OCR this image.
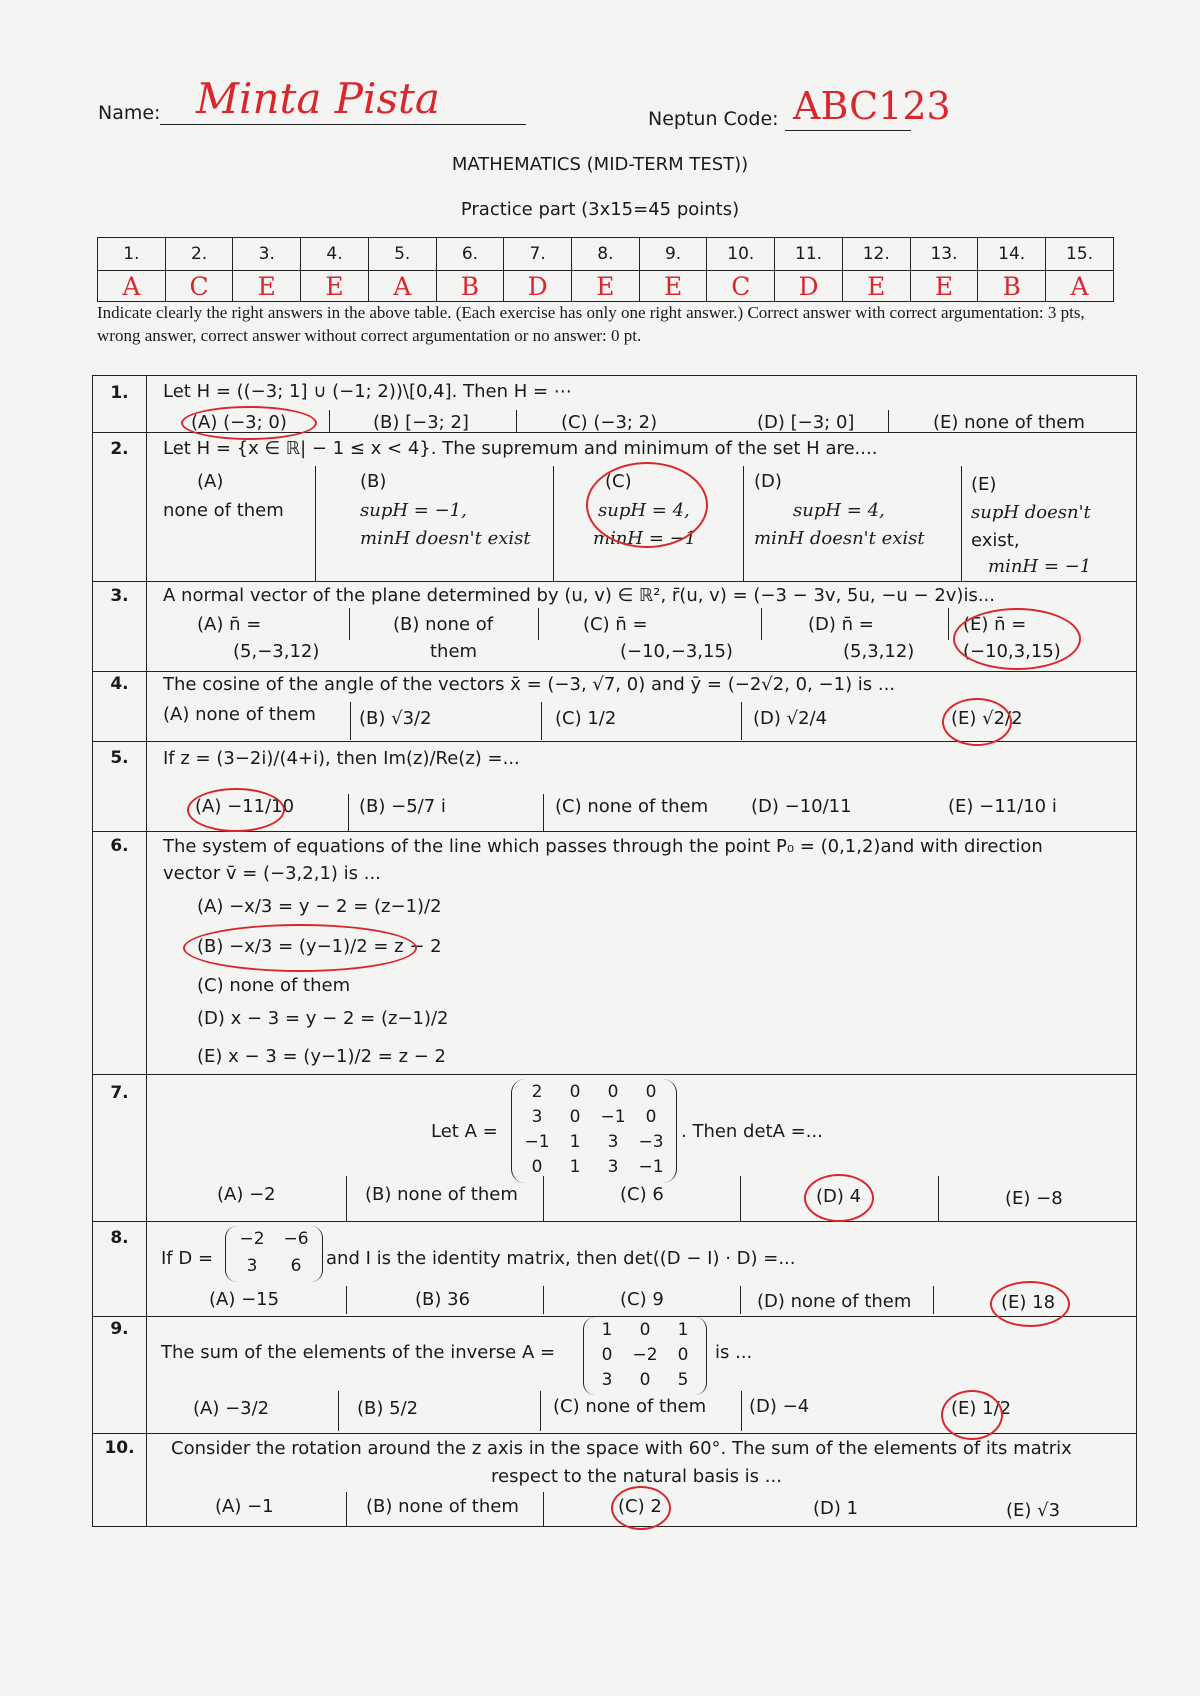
Name: Minta Pista	Neptun Code: ABC123
MATHEMATICS (MID-TERM TEST))
Practice part (3x15=45 points)
1.	2.	3.	4.	5.	6.	7.	8.	9.	10.	11.	12.	13.	14.	15.
A	C	E	E	A	B	D	E	E	C	D	E	E	B	A
Indicate clearly the right answers in the above table. (Each exercise has only one right answer.) Correct answer with correct argumentation: 3 pts, wrong answer, correct answer without correct argumentation or no answer: 0 pt.
1.	Let H = ((−3; 1] ∪ (−1; 2))\[0,4]. Then H = ⋯
(A) (−3; 0)	(B) [−3; 2]	(C) (−3; 2)	(D) [−3; 0]	(E) none of them
2.	Let H = {x ∈ ℝ| − 1 ≤ x < 4}. The supremum and minimum of the set H are....
(A)
none of them
(B)
supH = −1,
minH doesn't exist
(C)
supH = 4,
minH = −1
(D)
supH = 4,
minH doesn't exist
(E)
supH doesn't
exist,
minH = −1
3.	A normal vector of the plane determined by (u, v) ∈ ℝ², r̄(u, v) = (−3 − 3v, 5u, −u − 2v)is...
(A) n̄ =
(5,−3,12)
(B) none of
them
(C) n̄ =
(−10,−3,15)
(D) n̄ =
(5,3,12)
(E) n̄ =
(−10,3,15)
4.	The cosine of the angle of the vectors x̄ = (−3, √7, 0) and ȳ = (−2√2, 0, −1) is ...
(A) none of them (B) √3/2	(C) 1/2	(D) √2/4	(E) √2/2
5.	If z = (3−2i)/(4+i), then Im(z)/Re(z) =...
(A) −11/10	(B) −5/7 i	(C) none of them (D) −10/11	(E) −11/10 i
6.	The system of equations of the line which passes through the point P₀ = (0,1,2)and with direction
vector v̄ = (−3,2,1) is ...
(A) −x/3 = y − 2 = (z−1)/2
(B) −x/3 = (y−1)/2 = z − 2
(C) none of them
(D) x − 3 = y − 2 = (z−1)/2
(E) x − 3 = (y−1)/2 = z − 2
7.
Let A =
2	0	0	0
3	0	−1	0
−1	1	3	−3
0	1	3	−1
. Then detA =...
(A) −2	(B) none of them	(C) 6	(D) 4	(E) −8
8.
If D =
−2	−6
3	6	and I is the identity matrix, then det((D − I) · D) =...
(A) −15	(B) 36	(C) 9	(D) none of them	(E) 18
9.
The sum of the elements of the inverse A =
1	0	1
0	−2	0
3	0	5
is ...
(A) −3/2	(B) 5/2	(C) none of them (D) −4	(E) 1/2
10.	Consider the rotation around the z axis in the space with 60°. The sum of the elements of its matrix
respect to the natural basis is ...
(A) −1	(B) none of them	(C) 2	(D) 1	(E) √3
